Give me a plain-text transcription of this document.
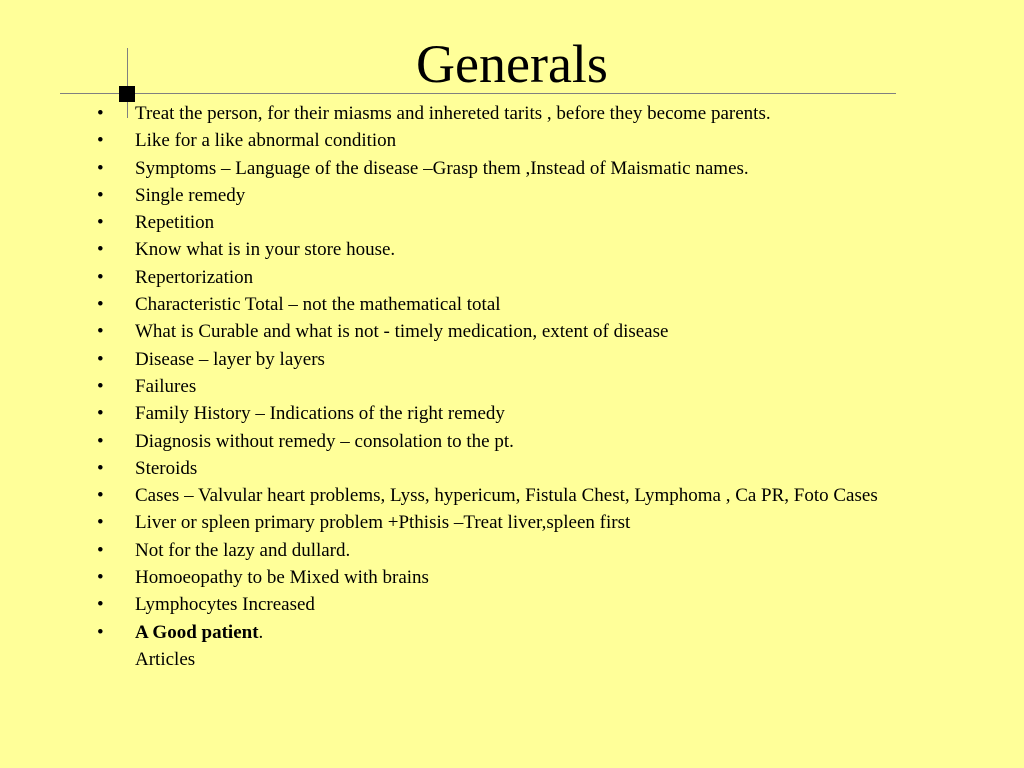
Generals
• Treat the person, for their miasms and inhereted tarits , before they become parents.
• Like for a like abnormal condition
• Symptoms – Language of the disease –Grasp them ,Instead of Maismatic names.
• Single remedy
• Repetition
• Know what is in your store house.
• Repertorization
• Characteristic Total – not the mathematical total
• What is Curable and what is not - timely medication, extent of disease
• Disease – layer by layers
• Failures
• Family History – Indications of the right remedy
• Diagnosis without remedy – consolation to the pt.
• Steroids
• Cases – Valvular heart problems, Lyss, hypericum, Fistula Chest, Lymphoma , Ca PR, Foto Cases
• Liver or spleen primary problem +Pthisis –Treat liver,spleen first
• Not for the lazy and dullard.
• Homoeopathy to be Mixed with brains
• Lymphocytes Increased
• A Good patient.
Articles
